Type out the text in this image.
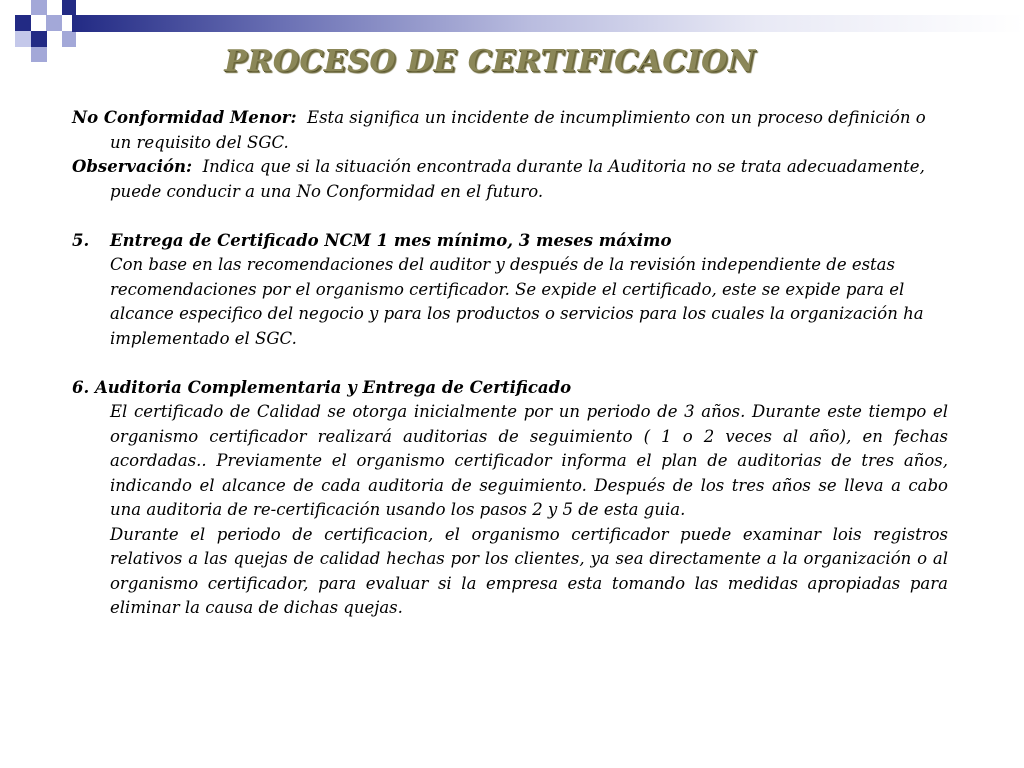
PROCESO DE CERTIFICACION

No Conformidad Menor: Esta significa un incidente de incumplimiento con un proceso definición o un requisito del SGC.

Observación: Indica que si la situación encontrada durante la Auditoria no se trata adecuadamente, puede conducir a una No Conformidad en el futuro.

5. Entrega de Certificado NCM 1 mes mínimo, 3 meses máximo

Con base en las recomendaciones del auditor y después de la revisión independiente de estas recomendaciones por el organismo certificador. Se expide el certificado, este se expide para el alcance especifico del negocio y para los productos o servicios para los cuales la organización ha implementado el SGC.

6. Auditoria Complementaria y Entrega de Certificado

El certificado de Calidad se otorga inicialmente por un periodo de 3 años. Durante este tiempo el organismo certificador realizará auditorias de seguimiento ( 1 o 2 veces al año), en fechas acordadas.. Previamente el organismo certificador informa el plan de auditorias de tres años, indicando el alcance de cada auditoria de seguimiento. Después de los tres años se lleva a cabo una auditoria de re-certificación usando los pasos 2 y 5 de esta guia.

Durante el periodo de certificacion, el organismo certificador puede examinar lois registros relativos a las quejas de calidad hechas por los clientes, ya sea directamente a la organización o al organismo certificador, para evaluar si la empresa esta tomando las medidas apropiadas para eliminar la causa de dichas quejas.
